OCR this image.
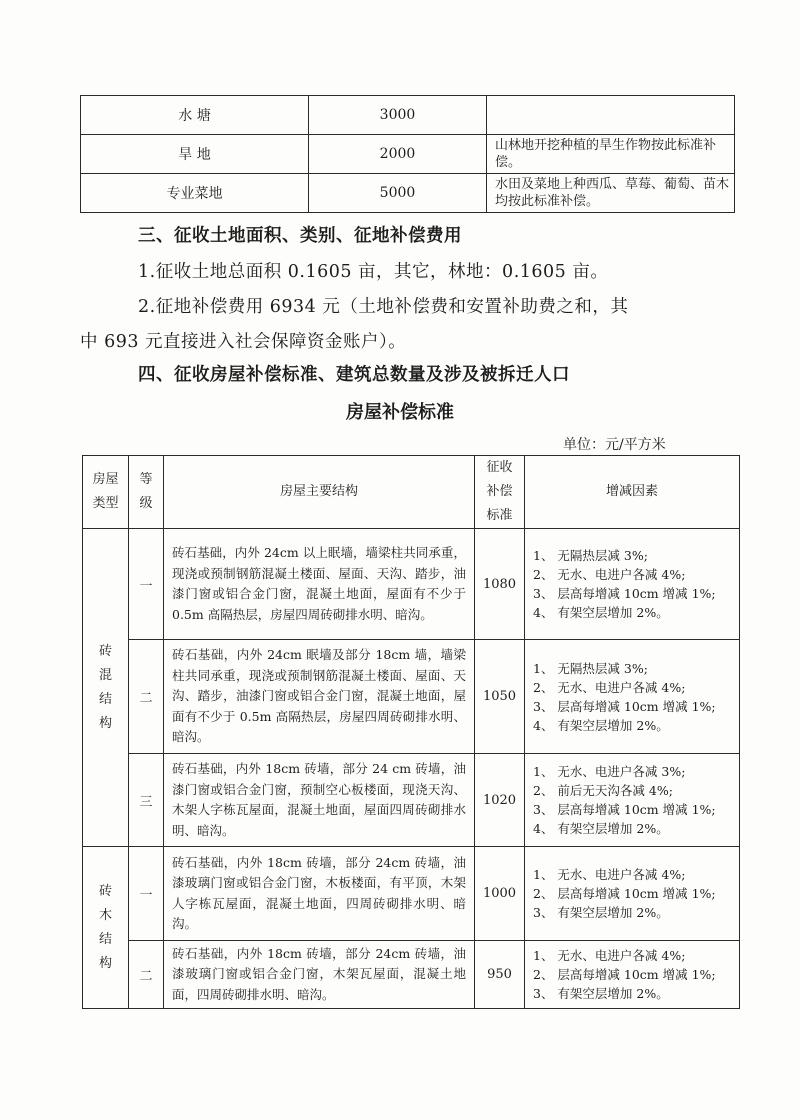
水 塘	3000	
旱 地	2000	山林地开挖种植的旱生作物按此标准补偿。
专业菜地	5000	水田及菜地上种西瓜、草莓、葡萄、苗木均按此标准补偿。
三、征收土地面积、类别、征地补偿费用
1.征收土地总面积 0.1605 亩，其它，林地：0.1605 亩。
2.征地补偿费用 6934 元（土地补偿费和安置补助费之和，其
中 693 元直接进入社会保障资金账户）。
四、征收房屋补偿标准、建筑总数量及涉及被拆迁人口
房屋补偿标准
单位：元/平方米
房屋类型	等级	房屋主要结构	征收补偿标准	增减因素
砖混结构	一	砖石基础，内外 24cm 以上眠墙，墙梁柱共同承重，现浇或预制钢筋混凝土楼面、屋面、天沟、踏步，油漆门窗或铝合金门窗，混凝土地面，屋面有不少于 0.5m 高隔热层，房屋四周砖砌排水明、暗沟。	1080	1、 无隔热层减 3%;
2、 无水、电进户各减 4%;
3、 层高每增减 10cm 增减 1%;
4、 有架空层增加 2%。

	二	砖石基础，内外 24cm 眠墙及部分 18cm 墙，墙梁柱共同承重，现浇或预制钢筋混凝土楼面、屋面、天沟、踏步，油漆门窗或铝合金门窗，混凝土地面，屋面有不少于 0.5m 高隔热层，房屋四周砖砌排水明、暗沟。	1050	1、 无隔热层减 3%;
2、 无水、电进户各减 4%;
3、 层高每增减 10cm 增减 1%;
4、 有架空层增加 2%。

	三	砖石基础，内外 18cm 砖墙，部分 24 cm 砖墙，油漆门窗或铝合金门窗，预制空心板楼面，现浇天沟、木架人字栋瓦屋面，混凝土地面，屋面四周砖砌排水明、暗沟。	1020	1、 无水、电进户各减 3%;
2、 前后无天沟各减 4%;
3、 层高每增减 10cm 增减 1%;
4、 有架空层增加 2%。

砖木结构	一	砖石基础，内外 18cm 砖墙，部分 24cm 砖墙，油漆玻璃门窗或铝合金门窗，木板楼面，有平顶，木架人字栋瓦屋面，混凝土地面，四周砖砌排水明、暗沟。	1000	1、 无水、电进户各减 4%;
2、 层高每增减 10cm 增减 1%;
3、 有架空层增加 2%。

	二	砖石基础，内外 18cm 砖墙，部分 24cm 砖墙，油漆玻璃门窗或铝合金门窗，木架瓦屋面，混凝土地面，四周砖砌排水明、暗沟。	950	1、 无水、电进户各减 4%;
2、 层高每增减 10cm 增减 1%;
3、 有架空层增加 2%。
